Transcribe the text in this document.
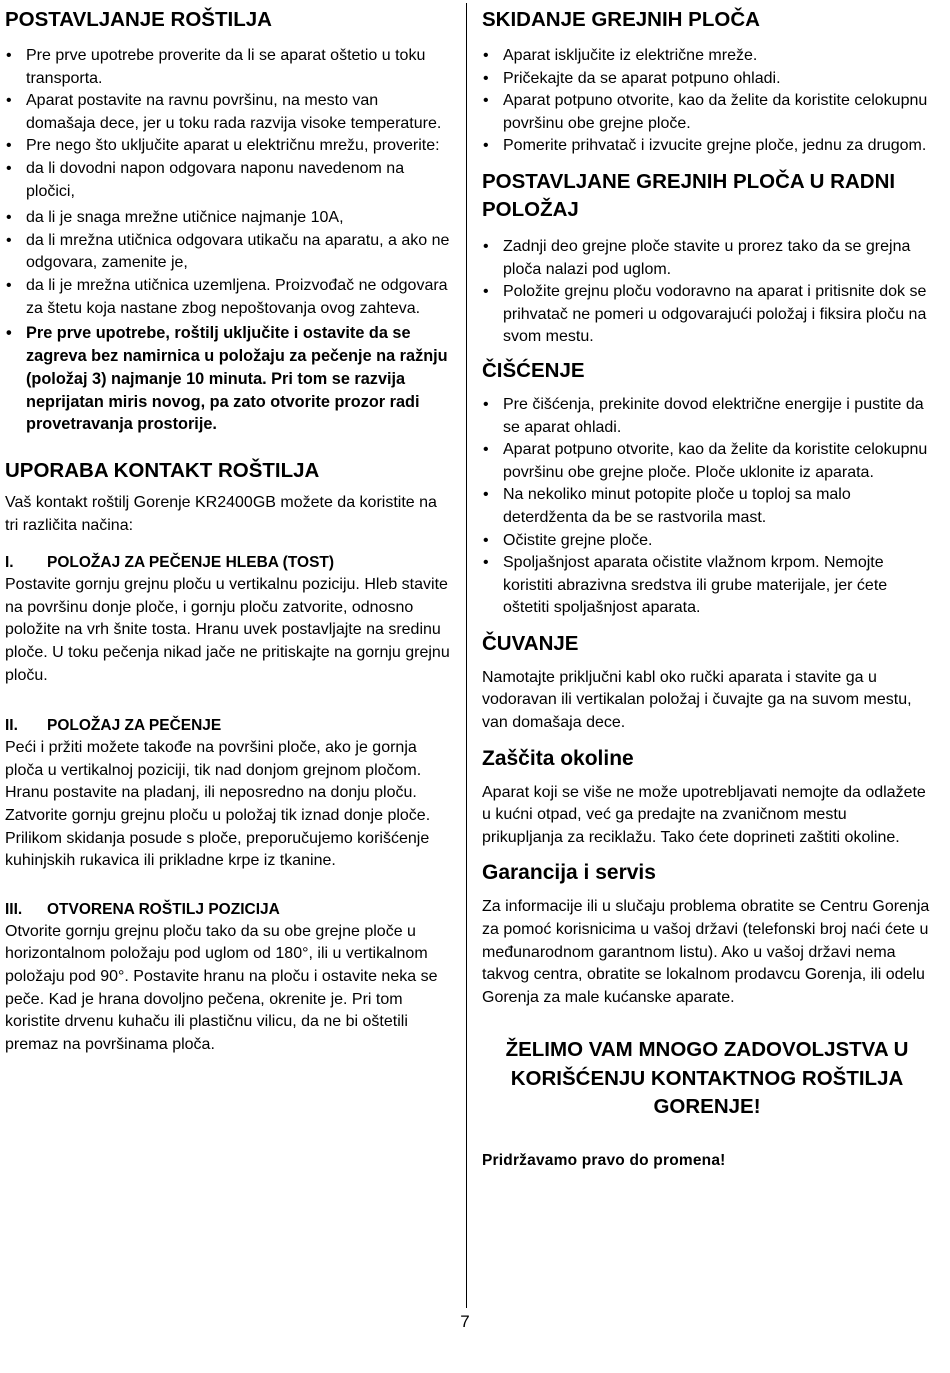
POSTAVLJANJE ROŠTILJA
• Pre prve upotrebe proverite da li se aparat oštetio u toku transporta.
• Aparat postavite na ravnu površinu, na mesto van domašaja dece, jer u toku rada razvija visoke temperature.
• Pre nego što uključite aparat u električnu mrežu, proverite:
• da li dovodni napon odgovara naponu navedenom na pločici,
• da li je snaga mrežne utičnice najmanje 10A,
• da li mrežna utičnica odgovara utikaču na aparatu, a ako ne odgovara, zamenite je,
• da li je mrežna utičnica uzemljena. Proizvođač ne odgovara za štetu koja nastane zbog nepoštovanja ovog zahteva.
• Pre prve upotrebe, roštilj uključite i ostavite da se zagreva bez namirnica u položaju za pečenje na ražnju (položaj 3) najmanje 10 minuta. Pri tom se razvija neprijatan miris novog, pa zato otvorite prozor radi provetravanja prostorije.
UPORABA KONTAKT ROŠTILJA

Vaš kontakt roštilj Gorenje KR2400GB možete da koristite na tri različita načina:

I. POLOŽAJ ZA PEČENJE HLEBA (TOST)

Postavite gornju grejnu ploču u vertikalnu poziciju. Hleb stavite na površinu donje ploče, i gornju ploču zatvorite, odnosno položite na vrh šnite tosta. Hranu uvek postavljajte na sredinu ploče. U toku pečenja nikad jače ne pritiskajte na gornju grejnu ploču.

II. POLOŽAJ ZA PEČENJE

Peći i pržiti možete takođe na površini ploče, ako je gornja ploča u vertikalnoj poziciji, tik nad donjom grejnom pločom.

Hranu postavite na pladanj, ili neposredno na donju ploču. Zatvorite gornju grejnu ploču u položaj tik iznad donje ploče. Prilikom skidanja posude s ploče, preporučujemo korišćenje kuhinjskih rukavica ili prikladne krpe iz tkanine.

III. OTVORENA ROŠTILJ POZICIJA

Otvorite gornju grejnu ploču tako da su obe grejne ploče u horizontalnom položaju pod uglom od 180°, ili u vertikalnom položaju pod 90°. Postavite hranu na ploču i ostavite neka se peče. Kad je hrana dovoljno pečena, okrenite je. Pri tom koristite drvenu kuhaču ili plastičnu vilicu, da ne bi oštetili premaz na površinama ploča.

SKIDANJE GREJNIH PLOČA
• Aparat isključite iz električne mreže.
• Pričekajte da se aparat potpuno ohladi.
• Aparat potpuno otvorite, kao da želite da koristite celokupnu površinu obe grejne ploče.
• Pomerite prihvatač i izvucite grejne ploče, jednu za drugom.
POSTAVLJANE GREJNIH PLOČA U RADNI POLOŽAJ
• Zadnji deo grejne ploče stavite u prorez tako da se grejna ploča nalazi pod uglom.
• Položite grejnu ploču vodoravno na aparat i pritisnite dok se prihvatač ne pomeri u odgovarajući položaj i fiksira ploču na svom mestu.
ČIŠĆENJE
• Pre čišćenja, prekinite dovod električne energije i pustite da se aparat ohladi.
• Aparat potpuno otvorite, kao da želite da koristite celokupnu površinu obe grejne ploče. Ploče uklonite iz aparata.
• Na nekoliko minut potopite ploče u toploj sa malo deterdženta da be se rastvorila mast.
• Očistite grejne ploče.
• Spoljašnjost aparata očistite vlažnom krpom. Nemojte koristiti abrazivna sredstva ili grube materijale, jer ćete oštetiti spoljašnjost aparata.
ČUVANJE

Namotajte priključni kabl oko ručki aparata i stavite ga u vodoravan ili vertikalan položaj i čuvajte ga na suvom mestu, van domašaja dece.

Zaščita okoline

Aparat koji se više ne može upotrebljavati nemojte da odlažete u kućni otpad, već ga predajte na zvaničnom mestu prikupljanja za reciklažu. Tako ćete doprineti zaštiti okoline.

Garancija i servis

Za informacije ili u slučaju problema obratite se Centru Gorenja za pomoć korisnicima u vašoj državi (telefonski broj naći ćete u međunarodnom garantnom listu). Ako u vašoj državi nema takvog centra, obratite se lokalnom prodavcu Gorenja, ili odelu Gorenja za male kućanske aparate.

ŽELIMO VAM MNOGO ZADOVOLJSTVA U KORIŠĆENJU KONTAKTNOG ROŠTILJA GORENJE!

Pridržavamo pravo do promena!

7
